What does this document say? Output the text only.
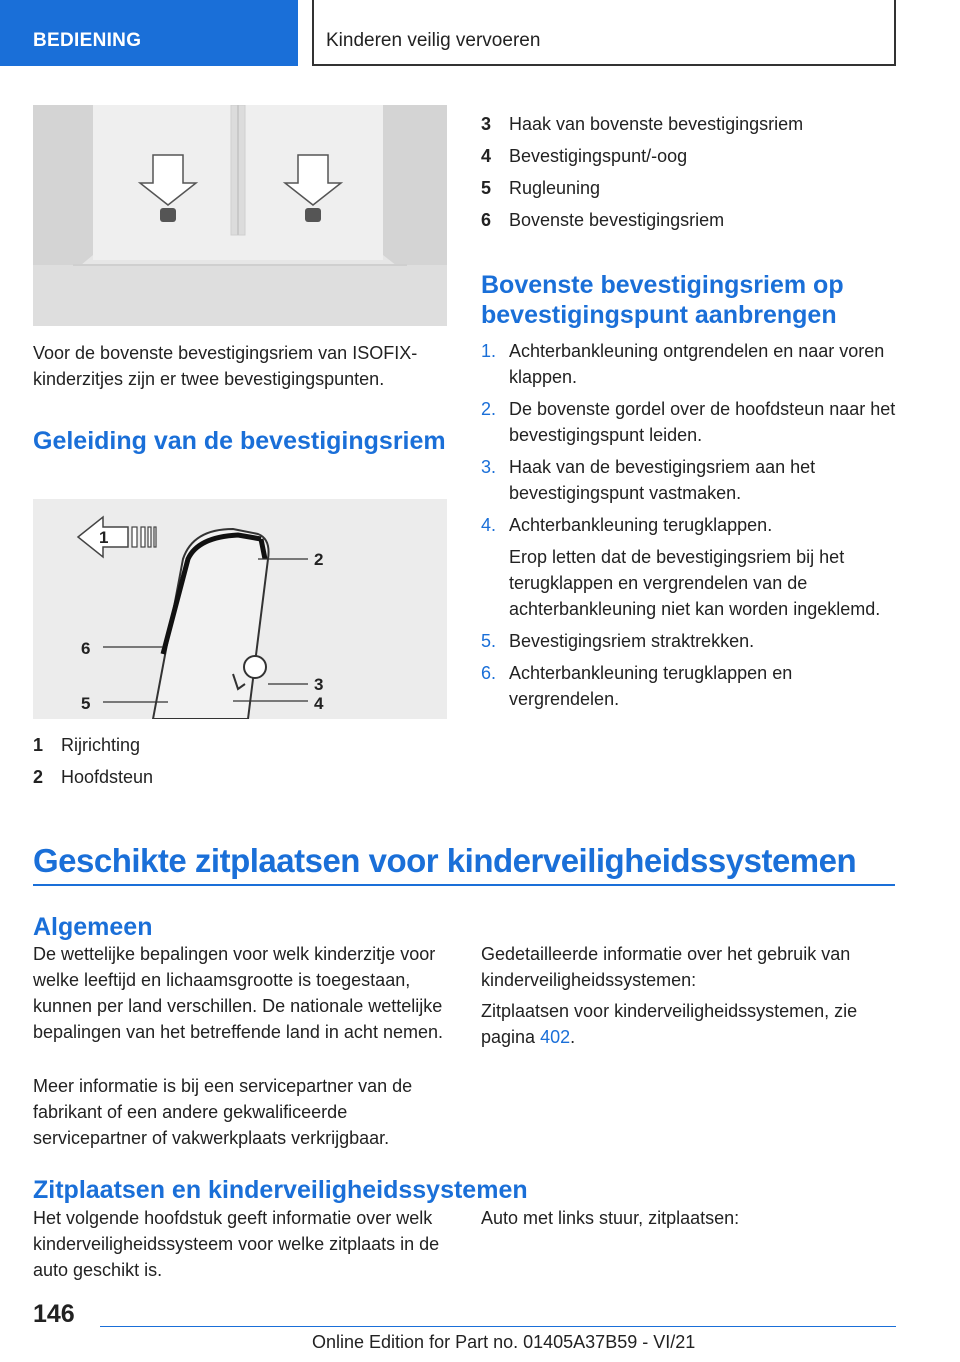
BEDIENING	Kinderen veilig vervoeren

Voor de bovenste bevestigingsriem van ISOFIX-kinderzitjes zijn er twee bevestigingspunten.

Geleiding van de bevestigingsriem
1
2
3
4
5
6
1 Rijrichting
2 Hoofdsteun
3 Haak van bovenste bevestigingsriem
4 Bevestigingspunt/-oog
5 Rugleuning
6 Bovenste bevestigingsriem
Bovenste bevestigingsriem op bevestigingspunt aanbrengen
1. Achterbankleuning ontgrendelen en naar voren klappen.
2. De bovenste gordel over de hoofdsteun naar het bevestigingspunt leiden.
3. Haak van de bevestigingsriem aan het bevestigingspunt vastmaken.
4. Achterbankleuning terugklappen.
Erop letten dat de bevestigingsriem bij het terugklappen en vergrendelen van de achterbankleuning niet kan worden ingeklemd.
5. Bevestigingsriem straktrekken.
6. Achterbankleuning terugklappen en vergrendelen.
Geschikte zitplaatsen voor kinderveiligheidssystemen
Algemeen

De wettelijke bepalingen voor welk kinderzitje voor welke leeftijd en lichaamsgrootte is toegestaan, kunnen per land verschillen. De nationale wettelijke bepalingen van het betreffende land in acht nemen.

Meer informatie is bij een servicepartner van de fabrikant of een andere gekwalificeerde servicepartner of vakwerkplaats verkrijgbaar.

Gedetailleerde informatie over het gebruik van kinderveiligheidssystemen:

Zitplaatsen voor kinderveiligheidssystemen, zie pagina 402.

Zitplaatsen en kinderveiligheidssystemen

Het volgende hoofdstuk geeft informatie over welk kinderveiligheidssysteem voor welke zitplaats in de auto geschikt is.

Auto met links stuur, zitplaatsen:

146
Online Edition for Part no. 01405A37B59 - VI/21
